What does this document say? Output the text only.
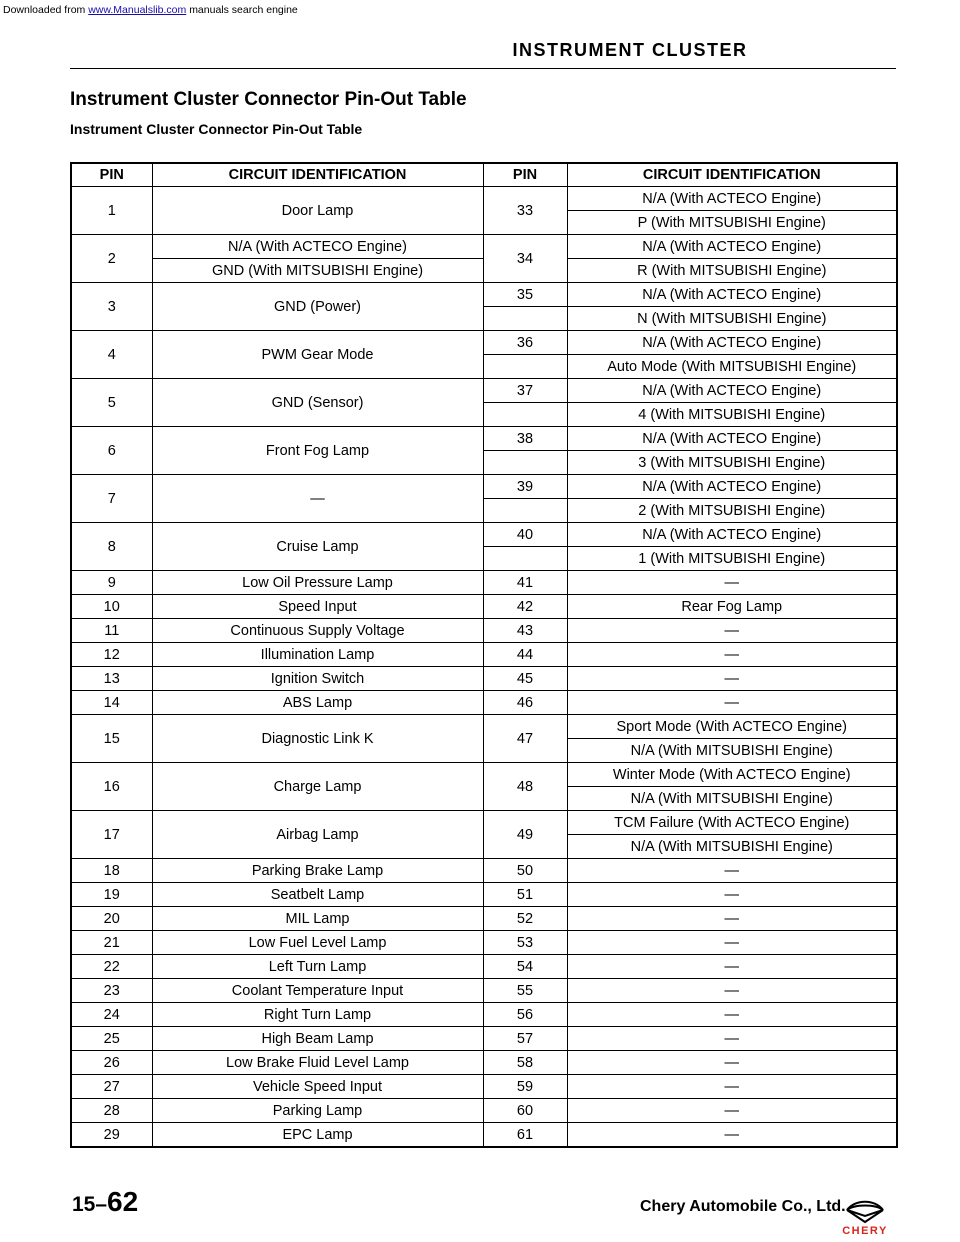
Downloaded from www.Manualslib.com manuals search engine
INSTRUMENT CLUSTER
Instrument Cluster Connector Pin-Out Table
Instrument Cluster Connector Pin-Out Table
PIN	CIRCUIT IDENTIFICATION	PIN	CIRCUIT IDENTIFICATION
1	Door Lamp	33	N/A (With ACTECO Engine)
			P (With MITSUBISHI Engine)
2	N/A (With ACTECO Engine)	34	N/A (With ACTECO Engine)
	GND (With MITSUBISHI Engine)		R (With MITSUBISHI Engine)
3	GND (Power)	35	N/A (With ACTECO Engine)
			N (With MITSUBISHI Engine)
4	PWM Gear Mode	36	N/A (With ACTECO Engine)
			Auto Mode (With MITSUBISHI Engine)
5	GND (Sensor)	37	N/A (With ACTECO Engine)
			4 (With MITSUBISHI Engine)
6	Front Fog Lamp	38	N/A (With ACTECO Engine)
			3 (With MITSUBISHI Engine)
7	—	39	N/A (With ACTECO Engine)
			2 (With MITSUBISHI Engine)
8	Cruise Lamp	40	N/A (With ACTECO Engine)
			1 (With MITSUBISHI Engine)
9	Low Oil Pressure Lamp	41	—
10	Speed Input	42	Rear Fog Lamp
11	Continuous Supply Voltage	43	—
12	Illumination Lamp	44	—
13	Ignition Switch	45	—
14	ABS Lamp	46	—
15	Diagnostic Link K	47	Sport Mode (With ACTECO Engine)
			N/A (With MITSUBISHI Engine)
16	Charge Lamp	48	Winter Mode (With ACTECO Engine)
			N/A (With MITSUBISHI Engine)
17	Airbag Lamp	49	TCM Failure (With ACTECO Engine)
			N/A (With MITSUBISHI Engine)
18	Parking Brake Lamp	50	—
19	Seatbelt Lamp	51	—
20	MIL Lamp	52	—
21	Low Fuel Level Lamp	53	—
22	Left Turn Lamp	54	—
23	Coolant Temperature Input	55	—
24	Right Turn Lamp	56	—
25	High Beam Lamp	57	—
26	Low Brake Fluid Level Lamp	58	—
27	Vehicle Speed Input	59	—
28	Parking Lamp	60	—
29	EPC Lamp	61	—
15–62	Chery Automobile Co., Ltd.
CHERY
